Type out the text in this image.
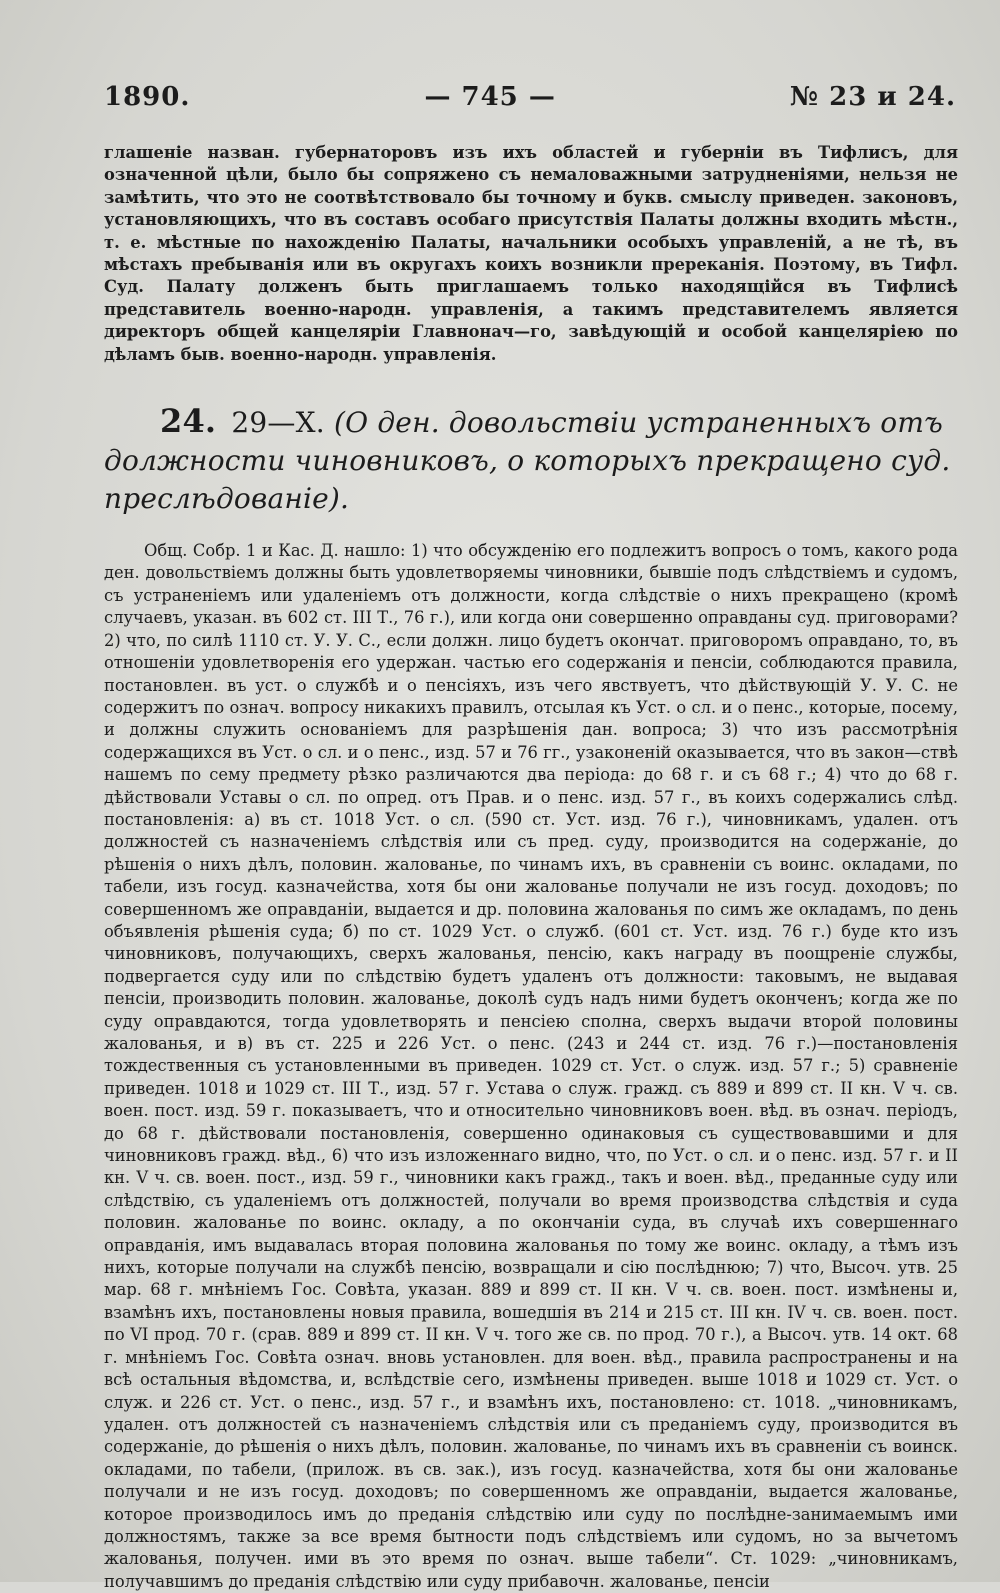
1890.	— 745 —	№ 23 и 24.

глашеніе назван. губернаторовъ изъ ихъ областей и губерніи въ Тифлисъ, для означенной цѣли, было бы сопряжено съ немаловажными затрудненіями, нельзя не замѣтить, что это не соотвѣтствовало бы точному и букв. смыслу приведен. законовъ, установляющихъ, что въ составъ особаго присутствія Палаты должны входить мѣстн., т. е. мѣстные по нахожденію Палаты, начальники особыхъ управленій, а не тѣ, въ мѣстахъ пребыванія или въ округахъ коихъ возникли пререканія. Поэтому, въ Тифл. Суд. Палату долженъ быть приглашаемъ только находящійся въ Тифлисѣ представитель военно-народн. управленія, а такимъ представителемъ является директоръ общей канцеляріи Главнонач—го, завѣдующій и особой канцеляріею по дѣламъ быв. военно-народн. управленія.

24. 29—Х. (О ден. довольствіи устраненныхъ отъ должности чиновниковъ, о которыхъ прекращено суд. преслѣдованіе).

Общ. Собр. 1 и Кас. Д. нашло: 1) что обсужденію его подлежитъ вопросъ о томъ, какого рода ден. довольствіемъ должны быть удовлетворяемы чиновники, бывшіе подъ слѣдствіемъ и судомъ, съ устраненіемъ или удаленіемъ отъ должности, когда слѣдствіе о нихъ прекращено (кромѣ случаевъ, указан. въ 602 ст. III Т., 76 г.), или когда они совершенно оправданы суд. приговорами? 2) что, по силѣ 1110 ст. У. У. С., если должн. лицо будетъ окончат. приговоромъ оправдано, то, въ отношеніи удовлетворенія его удержан. частью его содержанія и пенсіи, соблюдаются правила, постановлен. въ уст. о службѣ и о пенсіяхъ, изъ чего явствуетъ, что дѣйствующій У. У. С. не содержитъ по означ. вопросу никакихъ правилъ, отсылая къ Уст. о сл. и о пенс., которые, посему, и должны служить основаніемъ для разрѣшенія дан. вопроса; 3) что изъ рассмотрѣнія содержащихся въ Уст. о сл. и о пенс., изд. 57 и 76 гг., узаконеній оказывается, что въ закон—ствѣ нашемъ по сему предмету рѣзко различаются два періода: до 68 г. и съ 68 г.; 4) что до 68 г. дѣйствовали Уставы о сл. по опред. отъ Прав. и о пенс. изд. 57 г., въ коихъ содержались слѣд. постановленія: а) въ ст. 1018 Уст. о сл. (590 ст. Уст. изд. 76 г.), чиновникамъ, удален. отъ должностей съ назначеніемъ слѣдствія или съ пред. суду, производится на содержаніе, до рѣшенія о нихъ дѣлъ, половин. жалованье, по чинамъ ихъ, въ сравненіи съ воинс. окладами, по табели, изъ госуд. казначейства, хотя бы они жалованье получали не изъ госуд. доходовъ; по совершенномъ же оправданіи, выдается и др. половина жалованья по симъ же окладамъ, по день объявленія рѣшенія суда; б) по ст. 1029 Уст. о служб. (601 ст. Уст. изд. 76 г.) буде кто изъ чиновниковъ, получающихъ, сверхъ жалованья, пенсію, какъ награду въ поощреніе службы, подвергается суду или по слѣдствію будетъ удаленъ отъ должности: таковымъ, не выдавая пенсіи, производить половин. жалованье, доколѣ судъ надъ ними будетъ оконченъ; когда же по суду оправдаются, тогда удовлетворять и пенсіею сполна, сверхъ выдачи второй половины жалованья, и в) въ ст. 225 и 226 Уст. о пенс. (243 и 244 ст. изд. 76 г.)—постановленія тождественныя съ установленными въ приведен. 1029 ст. Уст. о служ. изд. 57 г.; 5) сравненіе приведен. 1018 и 1029 ст. III Т., изд. 57 г. Устава о служ. гражд. съ 889 и 899 ст. II кн. V ч. св. воен. пост. изд. 59 г. показываетъ, что и относительно чиновниковъ воен. вѣд. въ означ. періодъ, до 68 г. дѣйствовали постановленія, совершенно одинаковыя съ существовавшими и для чиновниковъ гражд. вѣд., 6) что изъ изложеннаго видно, что, по Уст. о сл. и о пенс. изд. 57 г. и II кн. V ч. св. воен. пост., изд. 59 г., чиновники какъ гражд., такъ и воен. вѣд., преданные суду или слѣдствію, съ удаленіемъ отъ должностей, получали во время производства слѣдствія и суда половин. жалованье по воинс. окладу, а по окончаніи суда, въ случаѣ ихъ совершеннаго оправданія, имъ выдавалась вторая половина жалованья по тому же воинс. окладу, а тѣмъ изъ нихъ, которые получали на службѣ пенсію, возвращали и сію послѣднюю; 7) что, Высоч. утв. 25 мар. 68 г. мнѣніемъ Гос. Совѣта, указан. 889 и 899 ст. II кн. V ч. св. воен. пост. измѣнены и, взамѣнъ ихъ, постановлены новыя правила, вошедшія въ 214 и 215 ст. III кн. IV ч. св. воен. пост. по VI прод. 70 г. (срав. 889 и 899 ст. II кн. V ч. того же св. по прод. 70 г.), а Высоч. утв. 14 окт. 68 г. мнѣніемъ Гос. Совѣта означ. вновь установлен. для воен. вѣд., правила распространены и на всѣ остальныя вѣдомства, и, вслѣдствіе сего, измѣнены приведен. выше 1018 и 1029 ст. Уст. о служ. и 226 ст. Уст. о пенс., изд. 57 г., и взамѣнъ ихъ, постановлено: ст. 1018. „чиновникамъ, удален. отъ должностей съ назначеніемъ слѣдствія или съ преданіемъ суду, производится въ содержаніе, до рѣшенія о нихъ дѣлъ, половин. жалованье, по чинамъ ихъ въ сравненіи съ воинск. окладами, по табели, (прилож. въ св. зак.), изъ госуд. казначейства, хотя бы они жалованье получали и не изъ госуд. доходовъ; по совершенномъ же оправданіи, выдается жалованье, которое производилось имъ до преданія слѣдствію или суду по послѣдне-занимаемымъ ими должностямъ, также за все время бытности подъ слѣдствіемъ или судомъ, но за вычетомъ жалованья, получен. ими въ это время по означ. выше табели“. Ст. 1029: „чиновникамъ, получавшимъ до преданія слѣдствію или суду прибавочн. жалованье, пенсіи
